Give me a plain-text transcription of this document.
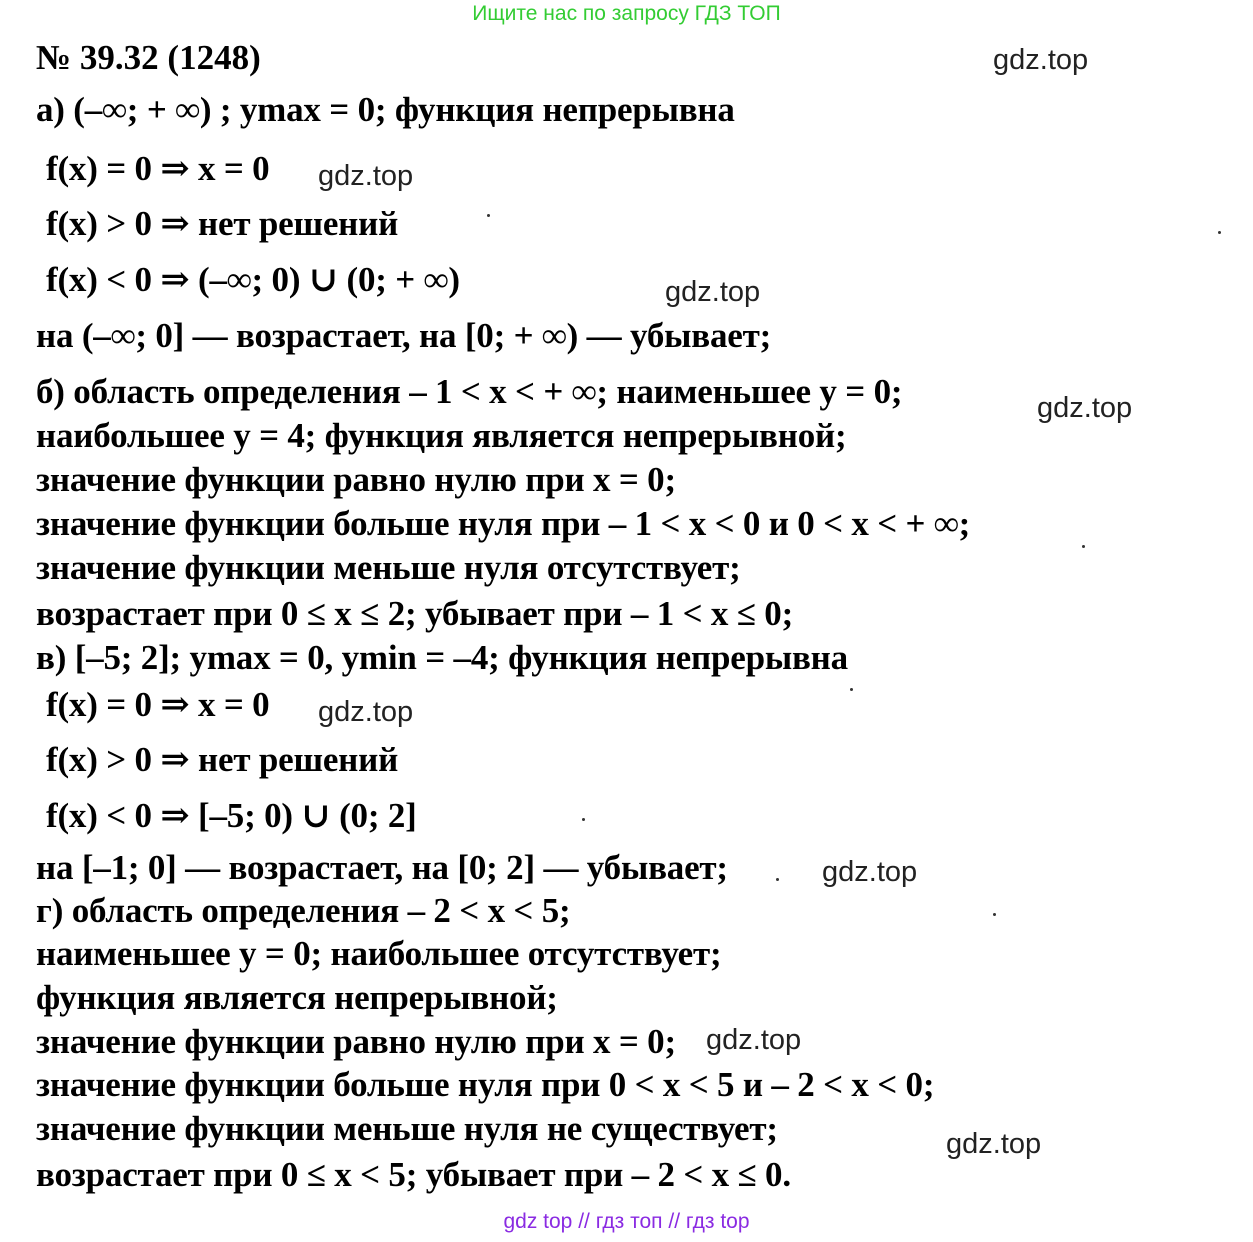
Ищите нас по запросу ГДЗ ТОП
№ 39.32 (1248)
а) (–∞; + ∞) ; ymax = 0; функция непрерывна
f(x) = 0 ⇒ x = 0
f(x) > 0 ⇒ нет решений
f(x) < 0 ⇒ (–∞; 0) ∪ (0; + ∞)
на (–∞; 0] — возрастает, на [0; + ∞) — убывает;
б) область определения – 1 < x < + ∞; наименьшее y = 0;
наибольшее y = 4; функция является непрерывной;
значение функции равно нулю при x = 0;
значение функции больше нуля при – 1 < x < 0 и 0 < x < + ∞;
значение функции меньше нуля отсутствует;
возрастает при 0 ≤ x ≤ 2; убывает при – 1 < x ≤ 0;
в) [–5; 2]; ymax = 0, ymin = –4; функция непрерывна
f(x) = 0 ⇒ x = 0
f(x) > 0 ⇒ нет решений
f(x) < 0 ⇒ [–5; 0) ∪ (0; 2]
на [–1; 0] — возрастает, на [0; 2] — убывает;
г) область определения – 2 < x < 5;
наименьшее y = 0; наибольшее отсутствует;
функция является непрерывной;
значение функции равно нулю при x = 0;
значение функции больше нуля при 0 < x < 5 и – 2 < x < 0;
значение функции меньше нуля не существует;
возрастает при 0 ≤ x < 5; убывает при – 2 < x ≤ 0.
gdz.top
gdz.top
gdz.top
gdz.top
gdz.top
gdz.top
gdz.top
gdz.top
gdz top // гдз топ // гдз top
